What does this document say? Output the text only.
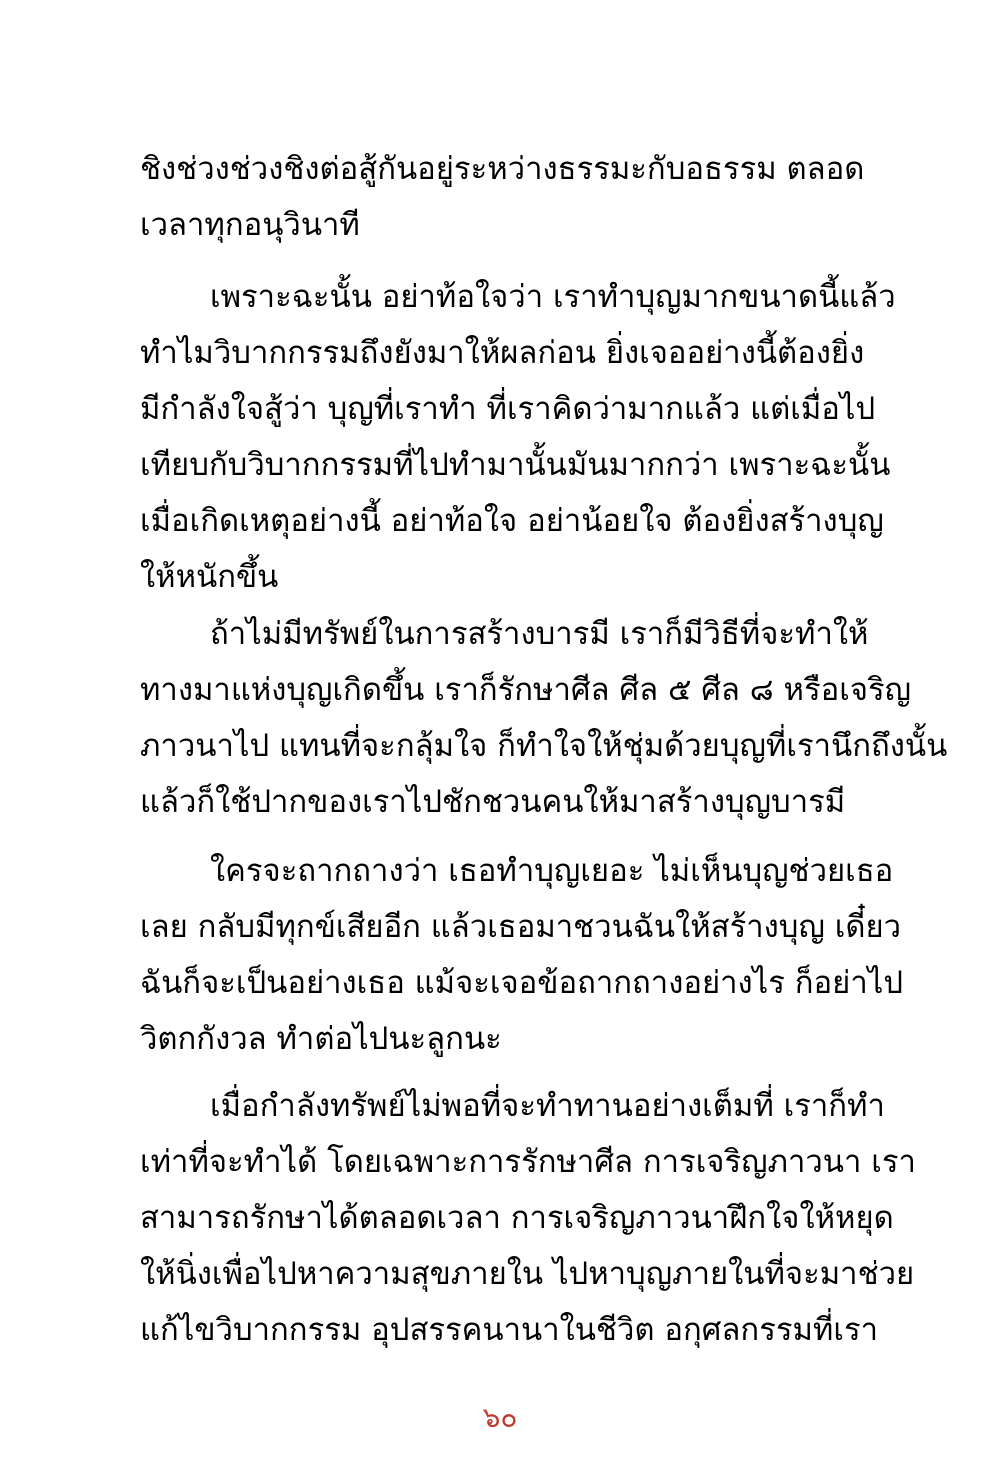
ชิงช่วงช่วงชิงต่อสู้กันอยู่ระหว่างธรรมะกับอธรรม ตลอด
เวลาทุกอนุวินาที
เพราะฉะนั้น อย่าท้อใจว่า เราทำบุญมากขนาดนี้แล้ว
ทำไมวิบากกรรมถึงยังมาให้ผลก่อน ยิ่งเจออย่างนี้ต้องยิ่ง
มีกำลังใจสู้ว่า บุญที่เราทำ ที่เราคิดว่ามากแล้ว แต่เมื่อไป
เทียบกับวิบากกรรมที่ไปทำมานั้นมันมากกว่า เพราะฉะนั้น
เมื่อเกิดเหตุอย่างนี้ อย่าท้อใจ อย่าน้อยใจ ต้องยิ่งสร้างบุญ
ให้หนักขึ้น
ถ้าไม่มีทรัพย์ในการสร้างบารมี เราก็มีวิธีที่จะทำให้
ทางมาแห่งบุญเกิดขึ้น เราก็รักษาศีล ศีล ๕ ศีล ๘ หรือเจริญ
ภาวนาไป แทนที่จะกลุ้มใจ ก็ทำใจให้ชุ่มด้วยบุญที่เรานึกถึงนั้น
แล้วก็ใช้ปากของเราไปชักชวนคนให้มาสร้างบุญบารมี
ใครจะถากถางว่า เธอทำบุญเยอะ ไม่เห็นบุญช่วยเธอ
เลย กลับมีทุกข์เสียอีก แล้วเธอมาชวนฉันให้สร้างบุญ เดี๋ยว
ฉันก็จะเป็นอย่างเธอ แม้จะเจอข้อถากถางอย่างไร ก็อย่าไป
วิตกกังวล ทำต่อไปนะลูกนะ
เมื่อกำลังทรัพย์ไม่พอที่จะทำทานอย่างเต็มที่ เราก็ทำ
เท่าที่จะทำได้ โดยเฉพาะการรักษาศีล การเจริญภาวนา เรา
สามารถรักษาได้ตลอดเวลา การเจริญภาวนาฝึกใจให้หยุด
ให้นิ่งเพื่อไปหาความสุขภายใน ไปหาบุญภายในที่จะมาช่วย
แก้ไขวิบากกรรม อุปสรรคนานาในชีวิต อกุศลกรรมที่เรา
๖๐
